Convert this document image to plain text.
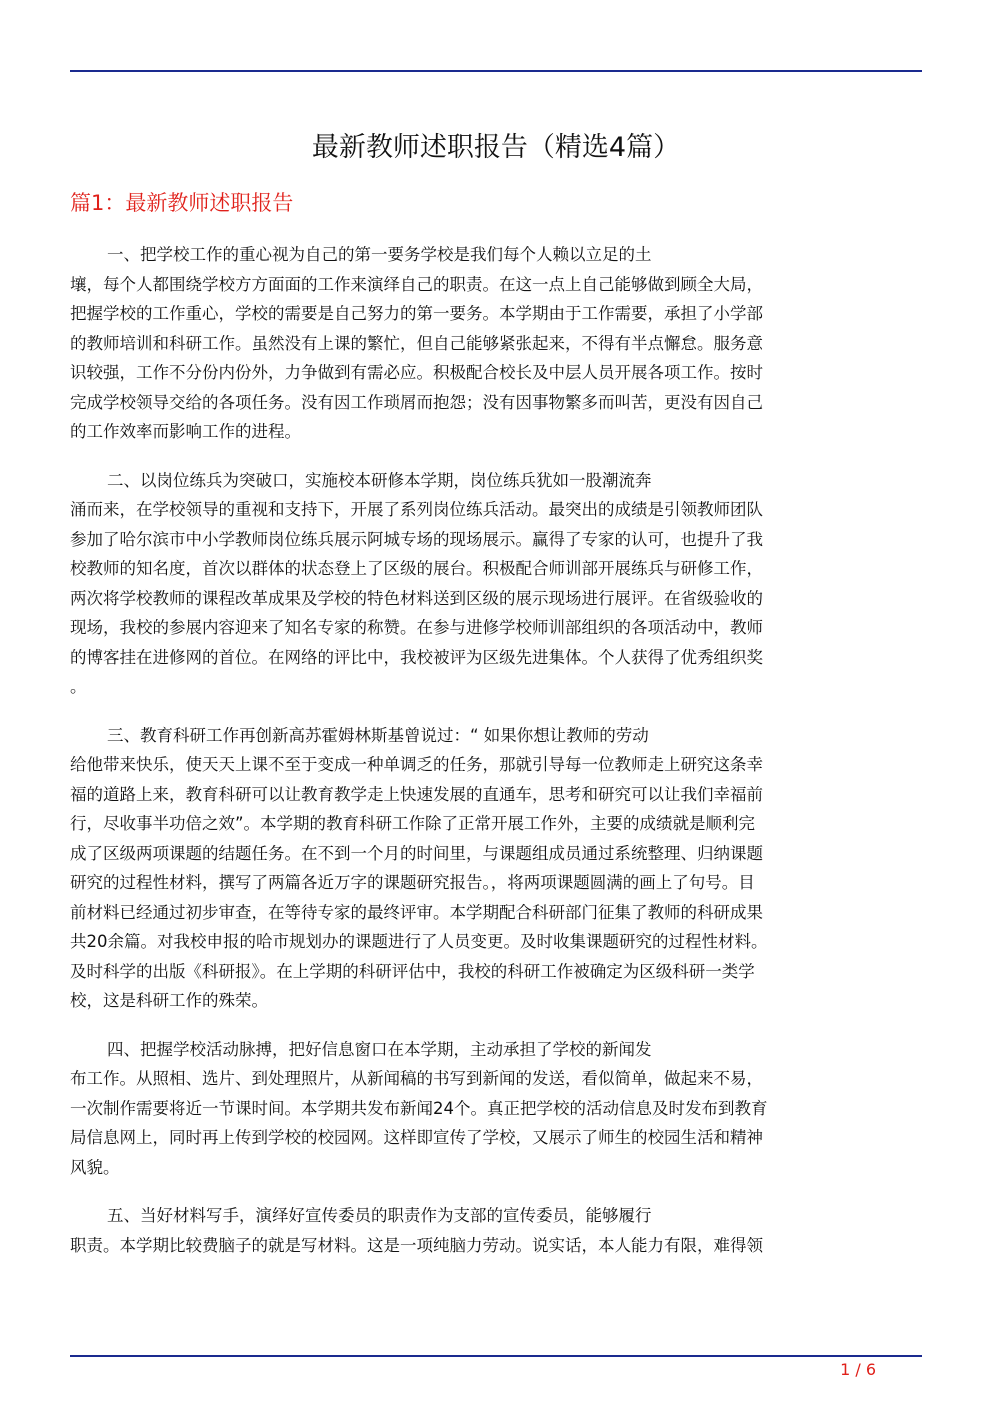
最新教师述职报告（精选4篇）
篇1：最新教师述职报告

一、把学校工作的重心视为自己的第一要务学校是我们每个人赖以立足的土
壤，每个人都围绕学校方方面面的工作来演绎自己的职责。在这一点上自己能够做到顾全大局，
把握学校的工作重心，学校的需要是自己努力的第一要务。本学期由于工作需要，承担了小学部
的教师培训和科研工作。虽然没有上课的繁忙，但自己能够紧张起来，不得有半点懈怠。服务意
识较强，工作不分份内份外，力争做到有需必应。积极配合校长及中层人员开展各项工作。按时
完成学校领导交给的各项任务。没有因工作琐屑而抱怨；没有因事物繁多而叫苦，更没有因自己
的工作效率而影响工作的进程。

二、以岗位练兵为突破口，实施校本研修本学期，岗位练兵犹如一股潮流奔
涌而来，在学校领导的重视和支持下，开展了系列岗位练兵活动。最突出的成绩是引领教师团队
参加了哈尔滨市中小学教师岗位练兵展示阿城专场的现场展示。赢得了专家的认可，也提升了我
校教师的知名度，首次以群体的状态登上了区级的展台。积极配合师训部开展练兵与研修工作，
两次将学校教师的课程改革成果及学校的特色材料送到区级的展示现场进行展评。在省级验收的
现场，我校的参展内容迎来了知名专家的称赞。在参与进修学校师训部组织的各项活动中，教师
的博客挂在进修网的首位。在网络的评比中，我校被评为区级先进集体。个人获得了优秀组织奖
。

三、教育科研工作再创新高苏霍姆林斯基曾说过：“ 如果你想让教师的劳动
给他带来快乐，使天天上课不至于变成一种单调乏的任务，那就引导每一位教师走上研究这条幸
福的道路上来，教育科研可以让教育教学走上快速发展的直通车，思考和研究可以让我们幸福前
行，尽收事半功倍之效”。本学期的教育科研工作除了正常开展工作外，主要的成绩就是顺利完
成了区级两项课题的结题任务。在不到一个月的时间里，与课题组成员通过系统整理、归纳课题
研究的过程性材料，撰写了两篇各近万字的课题研究报告。，将两项课题圆满的画上了句号。目
前材料已经通过初步审查，在等待专家的最终评审。本学期配合科研部门征集了教师的科研成果
共20余篇。对我校申报的哈市规划办的课题进行了人员变更。及时收集课题研究的过程性材料。
及时科学的出版《科研报》。在上学期的科研评估中，我校的科研工作被确定为区级科研一类学
校，这是科研工作的殊荣。

四、把握学校活动脉搏，把好信息窗口在本学期，主动承担了学校的新闻发
布工作。从照相、选片、到处理照片，从新闻稿的书写到新闻的发送，看似简单，做起来不易，
一次制作需要将近一节课时间。本学期共发布新闻24个。真正把学校的活动信息及时发布到教育
局信息网上，同时再上传到学校的校园网。这样即宣传了学校，又展示了师生的校园生活和精神
风貌。

五、当好材料写手，演绎好宣传委员的职责作为支部的宣传委员，能够履行
职责。本学期比较费脑子的就是写材料。这是一项纯脑力劳动。说实话，本人能力有限，难得领

1 / 6
